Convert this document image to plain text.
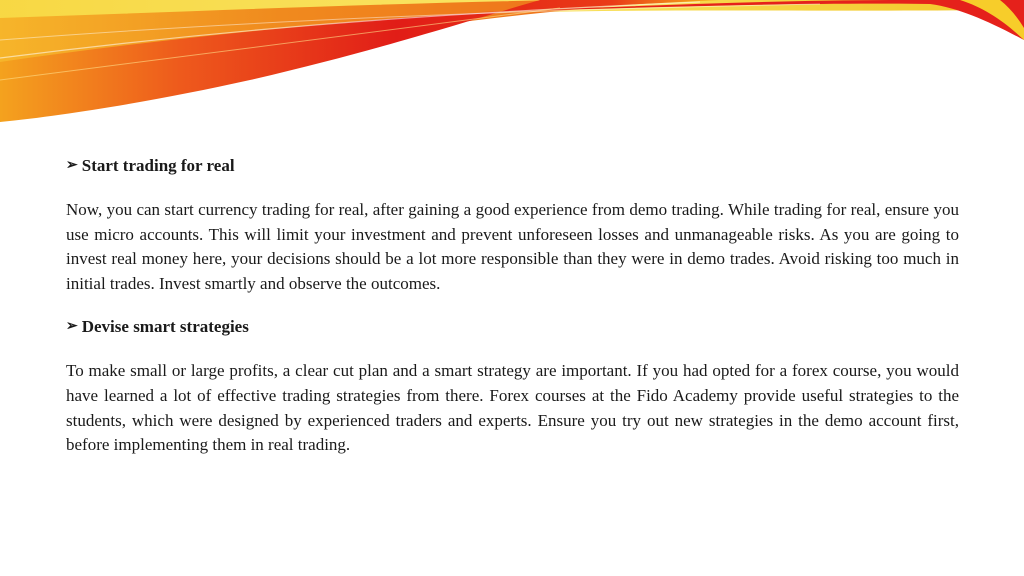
➢ Start trading for real

Now, you can start currency trading for real, after gaining a good experience from demo trading. While trading for real, ensure you use micro accounts. This will limit your investment and prevent unforeseen losses and unmanageable risks. As you are going to invest real money here, your decisions should be a lot more responsible than they were in demo trades. Avoid risking too much in initial trades. Invest smartly and observe the outcomes.

➢ Devise smart strategies

To make small or large profits, a clear cut plan and a smart strategy are important. If you had opted for a forex course, you would have learned a lot of effective trading strategies from there. Forex courses at the Fido Academy provide useful strategies to the students, which were designed by experienced traders and experts. Ensure you try out new strategies in the demo account first, before implementing them in real trading.
